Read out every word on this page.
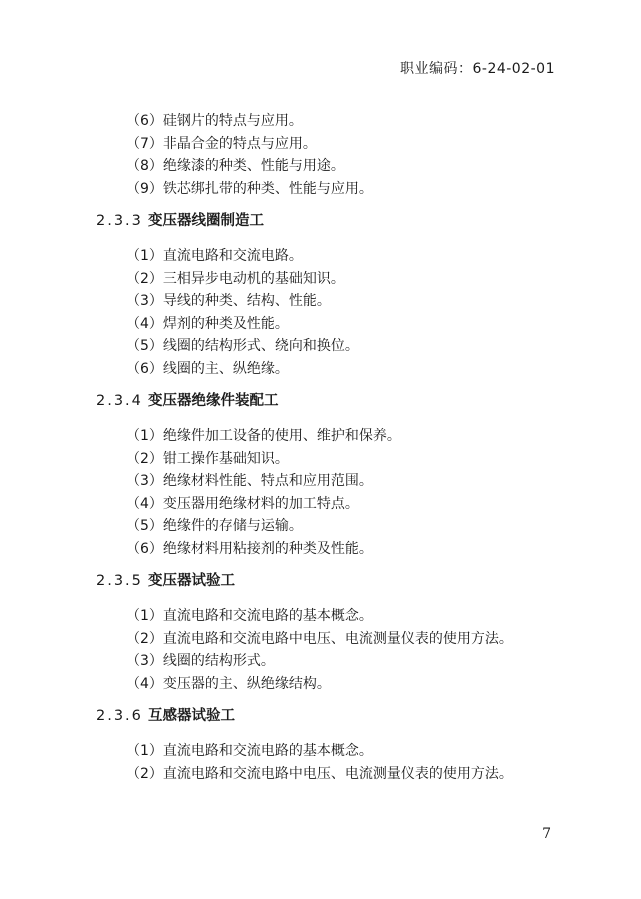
职业编码：6-24-02-01
（6）硅钢片的特点与应用。
（7）非晶合金的特点与应用。
（8）绝缘漆的种类、性能与用途。
（9）铁芯绑扎带的种类、性能与应用。
2.3.3 变压器线圈制造工
（1）直流电路和交流电路。
（2）三相异步电动机的基础知识。
（3）导线的种类、结构、性能。
（4）焊剂的种类及性能。
（5）线圈的结构形式、绕向和换位。
（6）线圈的主、纵绝缘。
2.3.4 变压器绝缘件装配工
（1）绝缘件加工设备的使用、维护和保养。
（2）钳工操作基础知识。
（3）绝缘材料性能、特点和应用范围。
（4）变压器用绝缘材料的加工特点。
（5）绝缘件的存储与运输。
（6）绝缘材料用粘接剂的种类及性能。
2.3.5 变压器试验工
（1）直流电路和交流电路的基本概念。
（2）直流电路和交流电路中电压、电流测量仪表的使用方法。
（3）线圈的结构形式。
（4）变压器的主、纵绝缘结构。
2.3.6 互感器试验工
（1）直流电路和交流电路的基本概念。
（2）直流电路和交流电路中电压、电流测量仪表的使用方法。
7
